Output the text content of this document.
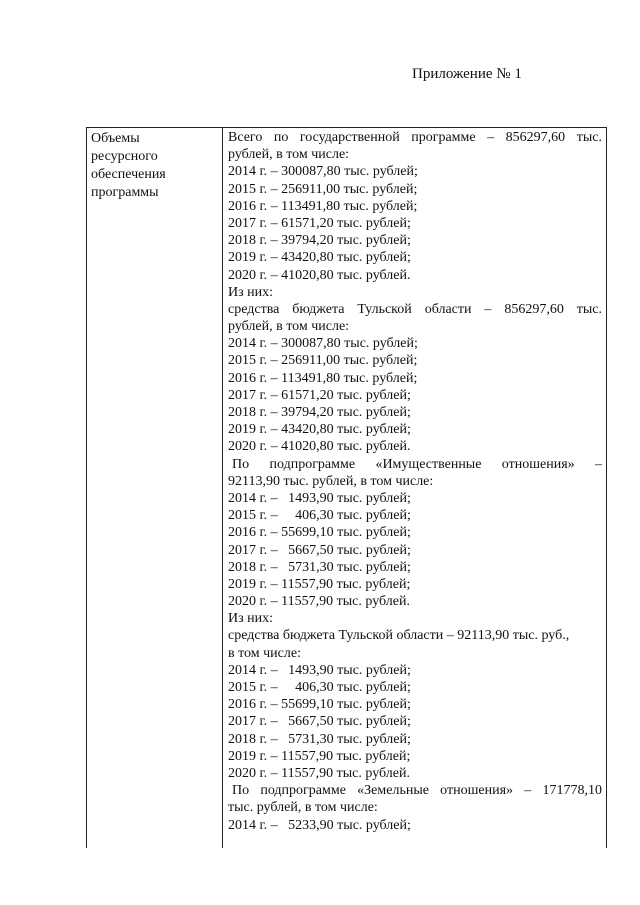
Приложение № 1
Объемы
ресурсного
обеспечения
программы
Всего по государственной программе – 856297,60 тыс.
рублей, в том числе:
2014 г. – 300087,80 тыс. рублей;
2015 г. – 256911,00 тыс. рублей;
2016 г. – 113491,80 тыс. рублей;
2017 г. – 61571,20 тыс. рублей;
2018 г. – 39794,20 тыс. рублей;
2019 г. – 43420,80 тыс. рублей;
2020 г. – 41020,80 тыс. рублей.
Из них:
средства бюджета Тульской области – 856297,60 тыс.
рублей, в том числе:
2014 г. – 300087,80 тыс. рублей;
2015 г. – 256911,00 тыс. рублей;
2016 г. – 113491,80 тыс. рублей;
2017 г. – 61571,20 тыс. рублей;
2018 г. – 39794,20 тыс. рублей;
2019 г. – 43420,80 тыс. рублей;
2020 г. – 41020,80 тыс. рублей.
По подпрограмме «Имущественные отношения» –
92113,90 тыс. рублей, в том числе:
2014 г. –   1493,90 тыс. рублей;
2015 г. –     406,30 тыс. рублей;
2016 г. – 55699,10 тыс. рублей;
2017 г. –   5667,50 тыс. рублей;
2018 г. –   5731,30 тыс. рублей;
2019 г. – 11557,90 тыс. рублей;
2020 г. – 11557,90 тыс. рублей.
Из них:
средства бюджета Тульской области – 92113,90 тыс. руб.,
в том числе:
2014 г. –   1493,90 тыс. рублей;
2015 г. –     406,30 тыс. рублей;
2016 г. – 55699,10 тыс. рублей;
2017 г. –   5667,50 тыс. рублей;
2018 г. –   5731,30 тыс. рублей;
2019 г. – 11557,90 тыс. рублей;
2020 г. – 11557,90 тыс. рублей.
По подпрограмме «Земельные отношения» – 171778,10
тыс. рублей, в том числе:
2014 г. –   5233,90 тыс. рублей;
